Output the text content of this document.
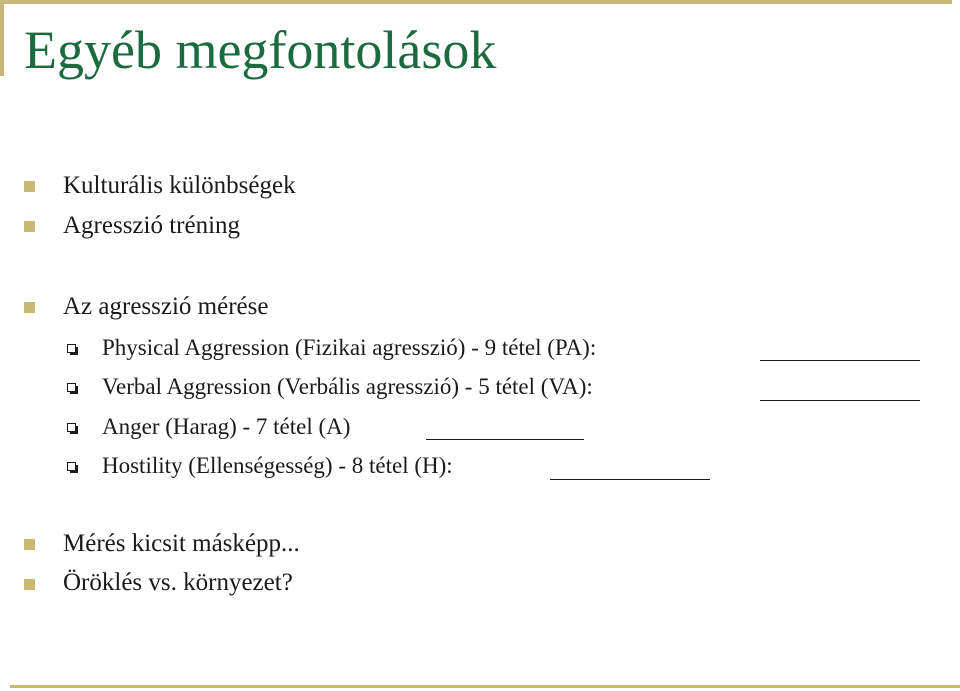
Egyéb megfontolások
Kulturális különbségek
Agresszió tréning
Az agresszió mérése
Physical Aggression (Fizikai agresszió) - 9 tétel (PA):
Verbal Aggression (Verbális agresszió) - 5 tétel (VA):
Anger (Harag) - 7 tétel (A)
Hostility (Ellenségesség) - 8 tétel (H):
Mérés kicsit másképp...
Öröklés vs. környezet?
